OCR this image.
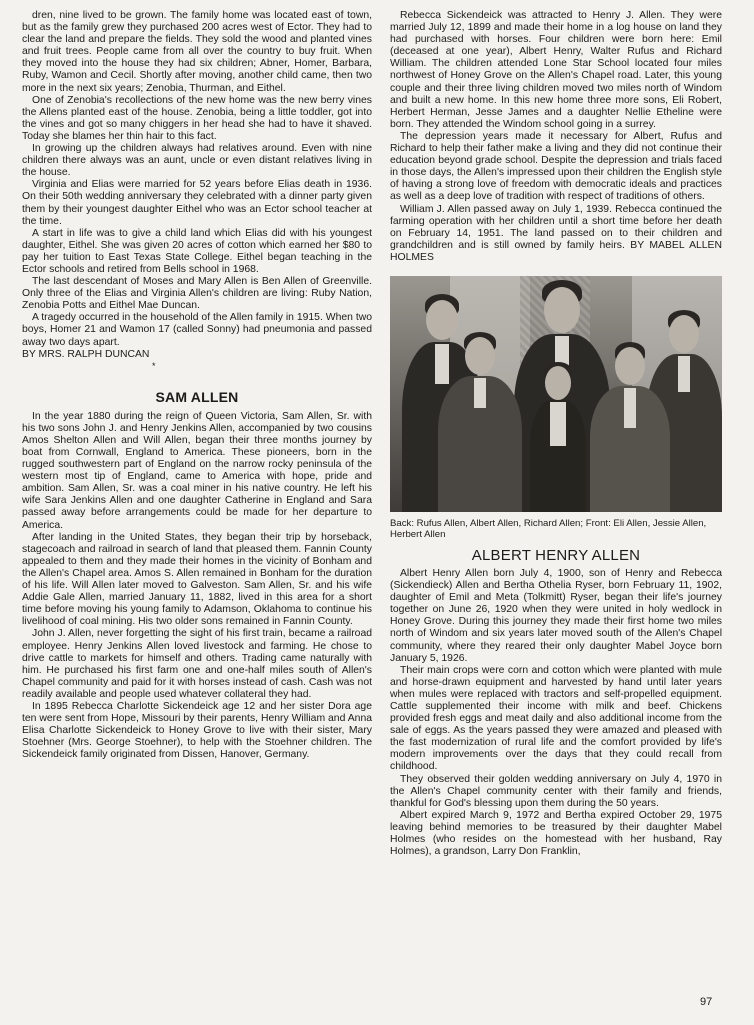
dren, nine lived to be grown. The family home was located east of town, but as the family grew they purchased 200 acres west of Ector. They had to clear the land and prepare the fields. They sold the wood and planted vines and fruit trees. People came from all over the country to buy fruit. When they moved into the house they had six children; Abner, Homer, Barbara, Ruby, Wamon and Cecil. Shortly after moving, another child came, then two more in the next six years; Zenobia, Thurman, and Eithel.

One of Zenobia's recollections of the new home was the new berry vines the Allens planted east of the house. Zenobia, being a little toddler, got into the vines and got so many chiggers in her head she had to have it shaved. Today she blames her thin hair to this fact.

In growing up the children always had relatives around. Even with nine children there always was an aunt, uncle or even distant relatives living in the house.

Virginia and Elias were married for 52 years before Elias death in 1936. On their 50th wedding anniversary they celebrated with a dinner party given them by their youngest daughter Eithel who was an Ector school teacher at the time.

A start in life was to give a child land which Elias did with his youngest daughter, Eithel. She was given 20 acres of cotton which earned her $80 to pay her tuition to East Texas State College. Eithel began teaching in the Ector schools and retired from Bells school in 1968.

The last descendant of Moses and Mary Allen is Ben Allen of Greenville. Only three of the Elias and Virginia Allen's children are living: Ruby Nation, Zenobia Potts and Eithel Mae Duncan.

A tragedy occurred in the household of the Allen family in 1915. When two boys, Homer 21 and Wamon 17 (called Sonny) had pneumonia and passed away two days apart.

BY MRS. RALPH DUNCAN

*

SAM ALLEN

In the year 1880 during the reign of Queen Victoria, Sam Allen, Sr. with his two sons John J. and Henry Jenkins Allen, accompanied by two cousins Amos Shelton Allen and Will Allen, began their three months journey by boat from Cornwall, England to America. These pioneers, born in the rugged southwestern part of England on the narrow rocky peninsula of the western most tip of England, came to America with hope, pride and ambition. Sam Allen, Sr. was a coal miner in his native country. He left his wife Sara Jenkins Allen and one daughter Catherine in England and Sara passed away before arrangements could be made for her departure to America.

After landing in the United States, they began their trip by horseback, stagecoach and railroad in search of land that pleased them. Fannin County appealed to them and they made their homes in the vicinity of Bonham and the Allen's Chapel area. Amos S. Allen remained in Bonham for the duration of his life. Will Allen later moved to Galveston. Sam Allen, Sr. and his wife Addie Gale Allen, married January 11, 1882, lived in this area for a short time before moving his young family to Adamson, Oklahoma to continue his livelihood of coal mining. His two older sons remained in Fannin County.

John J. Allen, never forgetting the sight of his first train, became a railroad employee. Henry Jenkins Allen loved livestock and farming. He chose to drive cattle to markets for himself and others. Trading came naturally with him. He purchased his first farm one and one-half miles south of Allen's Chapel community and paid for it with horses instead of cash. Cash was not readily available and people used whatever collateral they had.

In 1895 Rebecca Charlotte Sickendeick age 12 and her sister Dora age ten were sent from Hope, Missouri by their parents, Henry William and Anna Elisa Charlotte Sickendeick to Honey Grove to live with their sister, Mary Stoehner (Mrs. George Stoehner), to help with the Stoehner children. The Sickendeick family originated from Dissen, Hanover, Germany.

Rebecca Sickendeick was attracted to Henry J. Allen. They were married July 12, 1899 and made their home in a log house on land they had purchased with horses. Four children were born here: Emil (deceased at one year), Albert Henry, Walter Rufus and Richard William. The children attended Lone Star School located four miles northwest of Honey Grove on the Allen's Chapel road. Later, this young couple and their three living children moved two miles north of Windom and built a new home. In this new home three more sons, Eli Robert, Herbert Herman, Jesse James and a daughter Nellie Etheline were born. They attended the Windom school going in a surrey.

The depression years made it necessary for Albert, Rufus and Richard to help their father make a living and they did not continue their education beyond grade school. Despite the depression and trials faced in those days, the Allen's impressed upon their children the English style of having a strong love of freedom with democratic ideals and practices as well as a deep love of tradition with respect of traditions of others.

William J. Allen passed away on July 1, 1939. Rebecca continued the farming operation with her children until a short time before her death on February 14, 1951. The land passed on to their children and grandchildren and is still owned by family heirs. BY MABEL ALLEN HOLMES

Back: Rufus Allen, Albert Allen, Richard Allen; Front: Eli Allen, Jessie Allen, Herbert Allen

ALBERT HENRY ALLEN

Albert Henry Allen born July 4, 1900, son of Henry and Rebecca (Sickendieck) Allen and Bertha Othelia Ryser, born February 11, 1902, daughter of Emil and Meta (Tolkmitt) Ryser, began their life's journey together on June 26, 1920 when they were united in holy wedlock in Honey Grove. During this journey they made their first home two miles north of Windom and six years later moved south of the Allen's Chapel community, where they reared their only daughter Mabel Joyce born January 5, 1926.

Their main crops were corn and cotton which were planted with mule and horse-drawn equipment and harvested by hand until later years when mules were replaced with tractors and self-propelled equipment. Cattle supplemented their income with milk and beef. Chickens provided fresh eggs and meat daily and also additional income from the sale of eggs. As the years passed they were amazed and pleased with the fast modernization of rural life and the comfort provided by life's modern improvements over the days that they could recall from childhood.

They observed their golden wedding anniversary on July 4, 1970 in the Allen's Chapel community center with their family and friends, thankful for God's blessing upon them during the 50 years.

Albert expired March 9, 1972 and Bertha expired October 29, 1975 leaving behind memories to be treasured by their daughter Mabel Holmes (who resides on the homestead with her husband, Ray Holmes), a grandson, Larry Don Franklin,

97
